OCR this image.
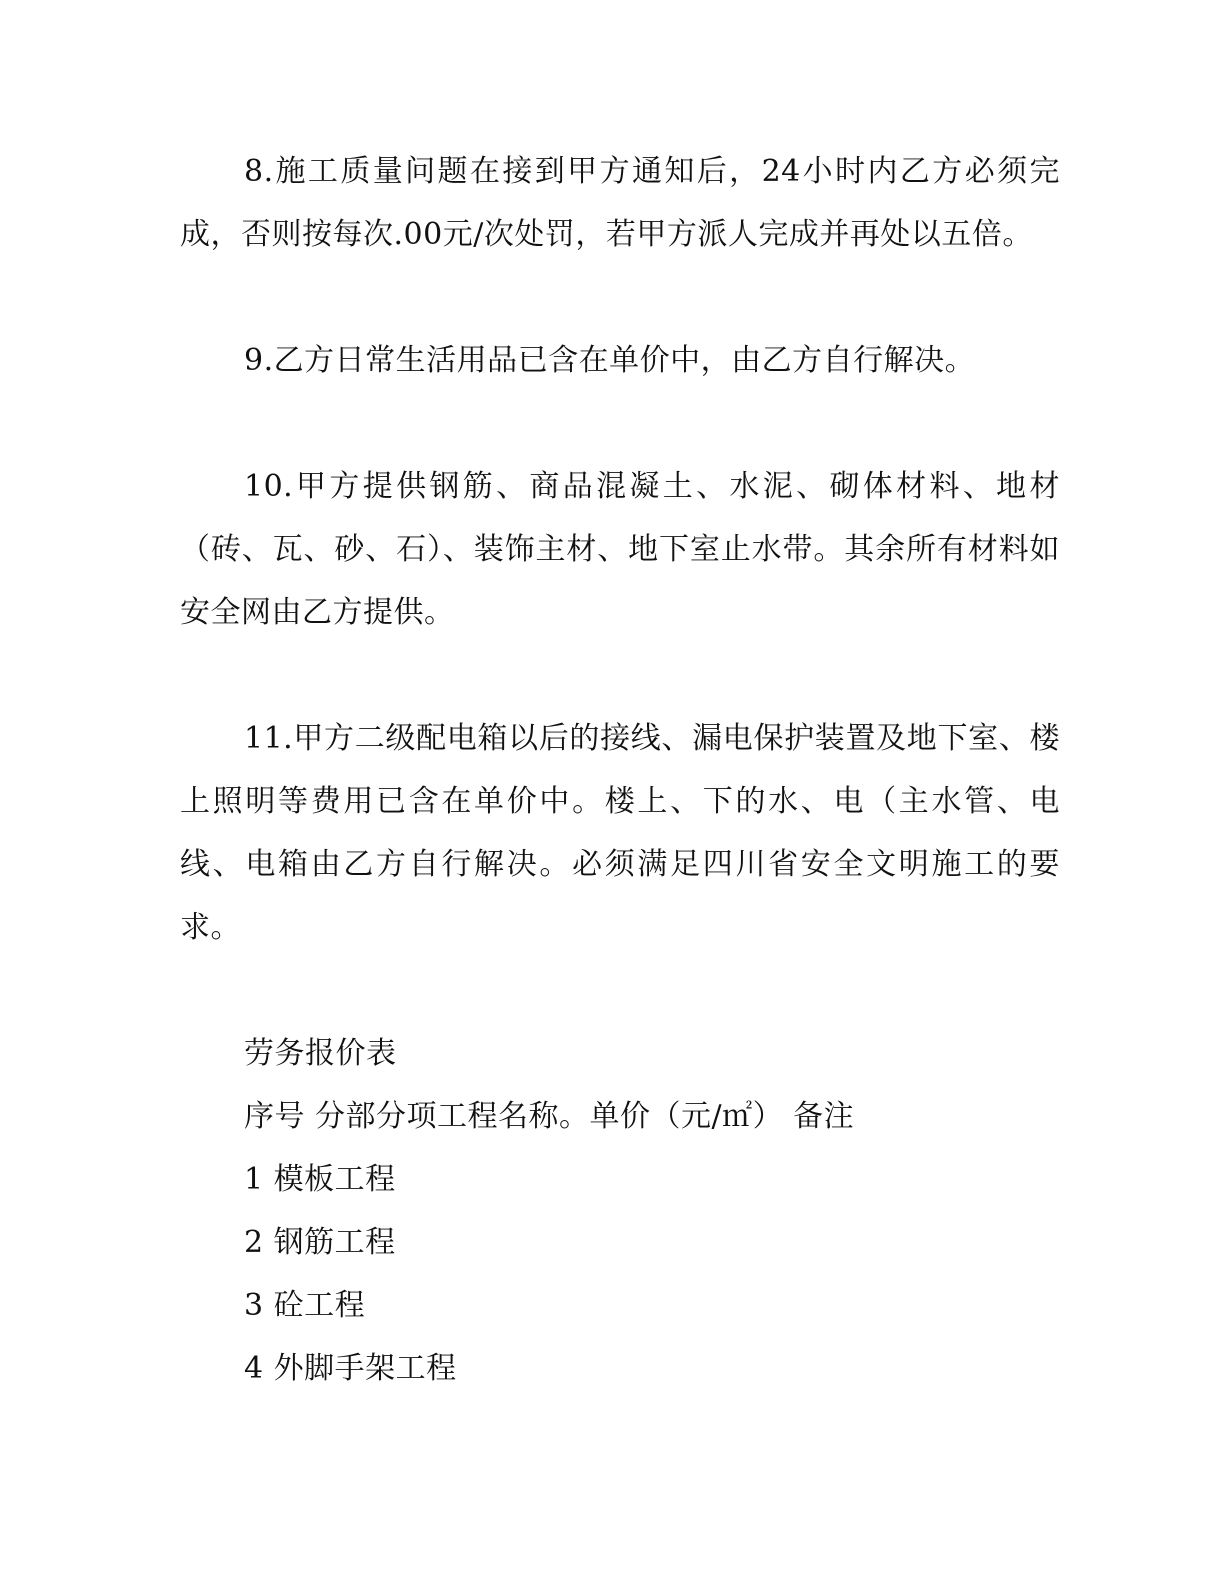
8.施工质量问题在接到甲方通知后，24小时内乙方必须完成，否则按每次.00元/次处罚，若甲方派人完成并再处以五倍。

9.乙方日常生活用品已含在单价中，由乙方自行解决。

10.甲方提供钢筋、商品混凝土、水泥、砌体材料、地材（砖、瓦、砂、石）、装饰主材、地下室止水带。其余所有材料如安全网由乙方提供。

11.甲方二级配电箱以后的接线、漏电保护装置及地下室、楼上照明等费用已含在单价中。楼上、下的水、电（主水管、电线、电箱由乙方自行解决。必须满足四川省安全文明施工的要求。

劳务报价表

序号 分部分项工程名称。单价（元/㎡） 备注

1 模板工程

2 钢筋工程

3 砼工程

4 外脚手架工程
